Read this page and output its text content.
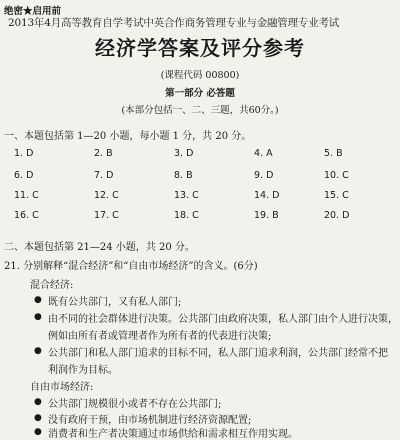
绝密★启用前
2013年4月高等教育自学考试中英合作商务管理专业与金融管理专业考试
经济学答案及评分参考
(课程代码 00800)
第一部分 必答题
(本部分包括一、二、三题，共60分。)
一、本题包括第 1—20 小题，每小题 1 分，共 20 分。
1. D	2. B	3. D	4. A	5. B
6. D	7. D	8. B	9. D	10. C
11. C	12. C	13. C	14. D	15. C
16. C	17. C	18. C	19. B	20. D
二、本题包括第 21—24 小题，共 20 分。
21. 分别解释“混合经济”和“自由市场经济”的含义。(6分)
混合经济:
● 既有公共部门，又有私人部门;
● 由不同的社会群体进行决策。公共部门由政府决策，私人部门由个人进行决策，
例如由所有者或管理者作为所有者的代表进行决策;
● 公共部门和私人部门追求的目标不同，私人部门追求利润，公共部门经常不把
利润作为目标。
自由市场经济:
● 公共部门规模很小或者不存在公共部门;
● 没有政府干预，由市场机制进行经济资源配置;
● 消费者和生产者决策通过市场供给和需求相互作用实现。
